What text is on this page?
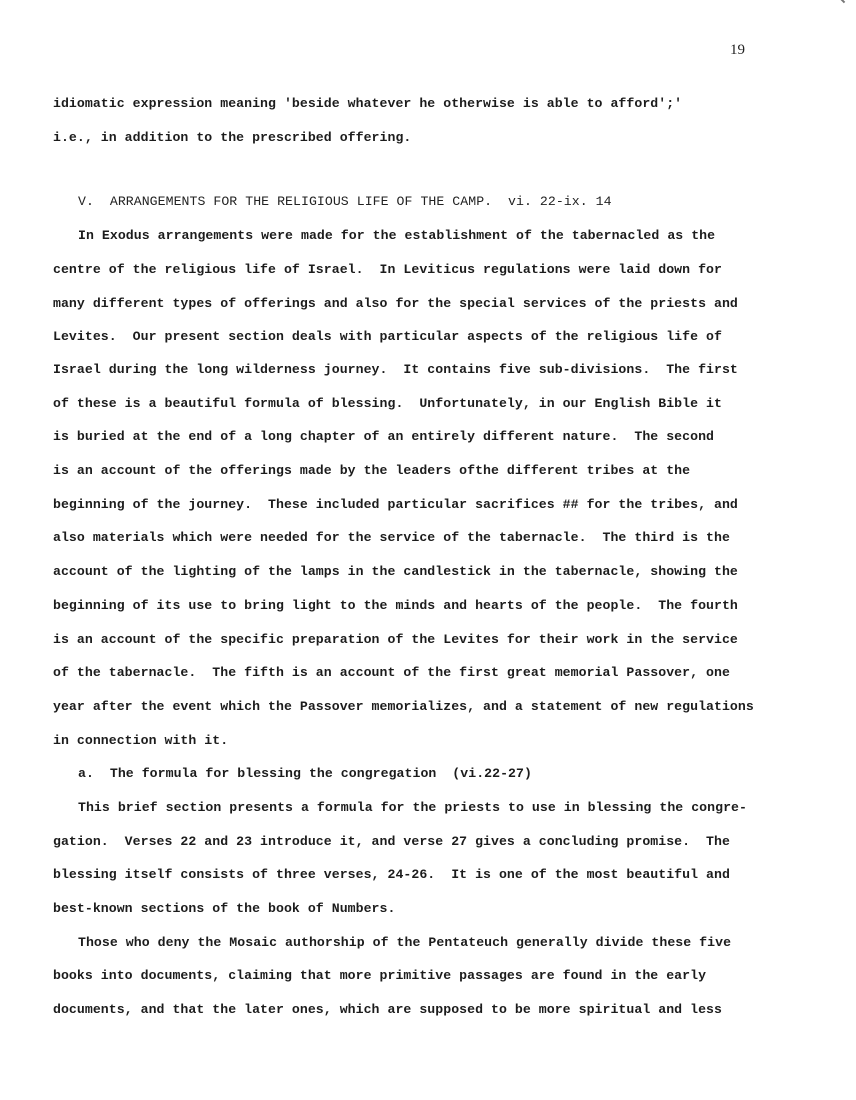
19
idiomatic expression meaning 'beside whatever he otherwise is able to afford';'
i.e., in addition to the prescribed offering.
V.  ARRANGEMENTS FOR THE RELIGIOUS LIFE OF THE CAMP.  vi. 22-ix. 14
In Exodus arrangements were made for the establishment of the tabernacled as the
centre of the religious life of Israel.  In Leviticus regulations were laid down for
many different types of offerings and also for the special services of the priests and
Levites.  Our present section deals with particular aspects of the religious life of
Israel during the long wilderness journey.  It contains five sub-divisions.  The first
of these is a beautiful formula of blessing.  Unfortunately, in our English Bible it
is buried at the end of a long chapter of an entirely different nature.  The second
is an account of the offerings made by the leaders ofthe different tribes at the
beginning of the journey.  These included particular sacrifices ## for the tribes, and
also materials which were needed for the service of the tabernacle.  The third is the
account of the lighting of the lamps in the candlestick in the tabernacle, showing the
beginning of its use to bring light to the minds and hearts of the people.  The fourth
is an account of the specific preparation of the Levites for their work in the service
of the tabernacle.  The fifth is an account of the first great memorial Passover, one
year after the event which the Passover memorializes, and a statement of new regulations
in connection with it.
a.  The formula for blessing the congregation  (vi.22-27)
This brief section presents a formula for the priests to use in blessing the congre-
gation.  Verses 22 and 23 introduce it, and verse 27 gives a concluding promise.  The
blessing itself consists of three verses, 24-26.  It is one of the most beautiful and
best-known sections of the book of Numbers.
Those who deny the Mosaic authorship of the Pentateuch generally divide these five
books into documents, claiming that more primitive passages are found in the early
documents, and that the later ones, which are supposed to be more spiritual and less
